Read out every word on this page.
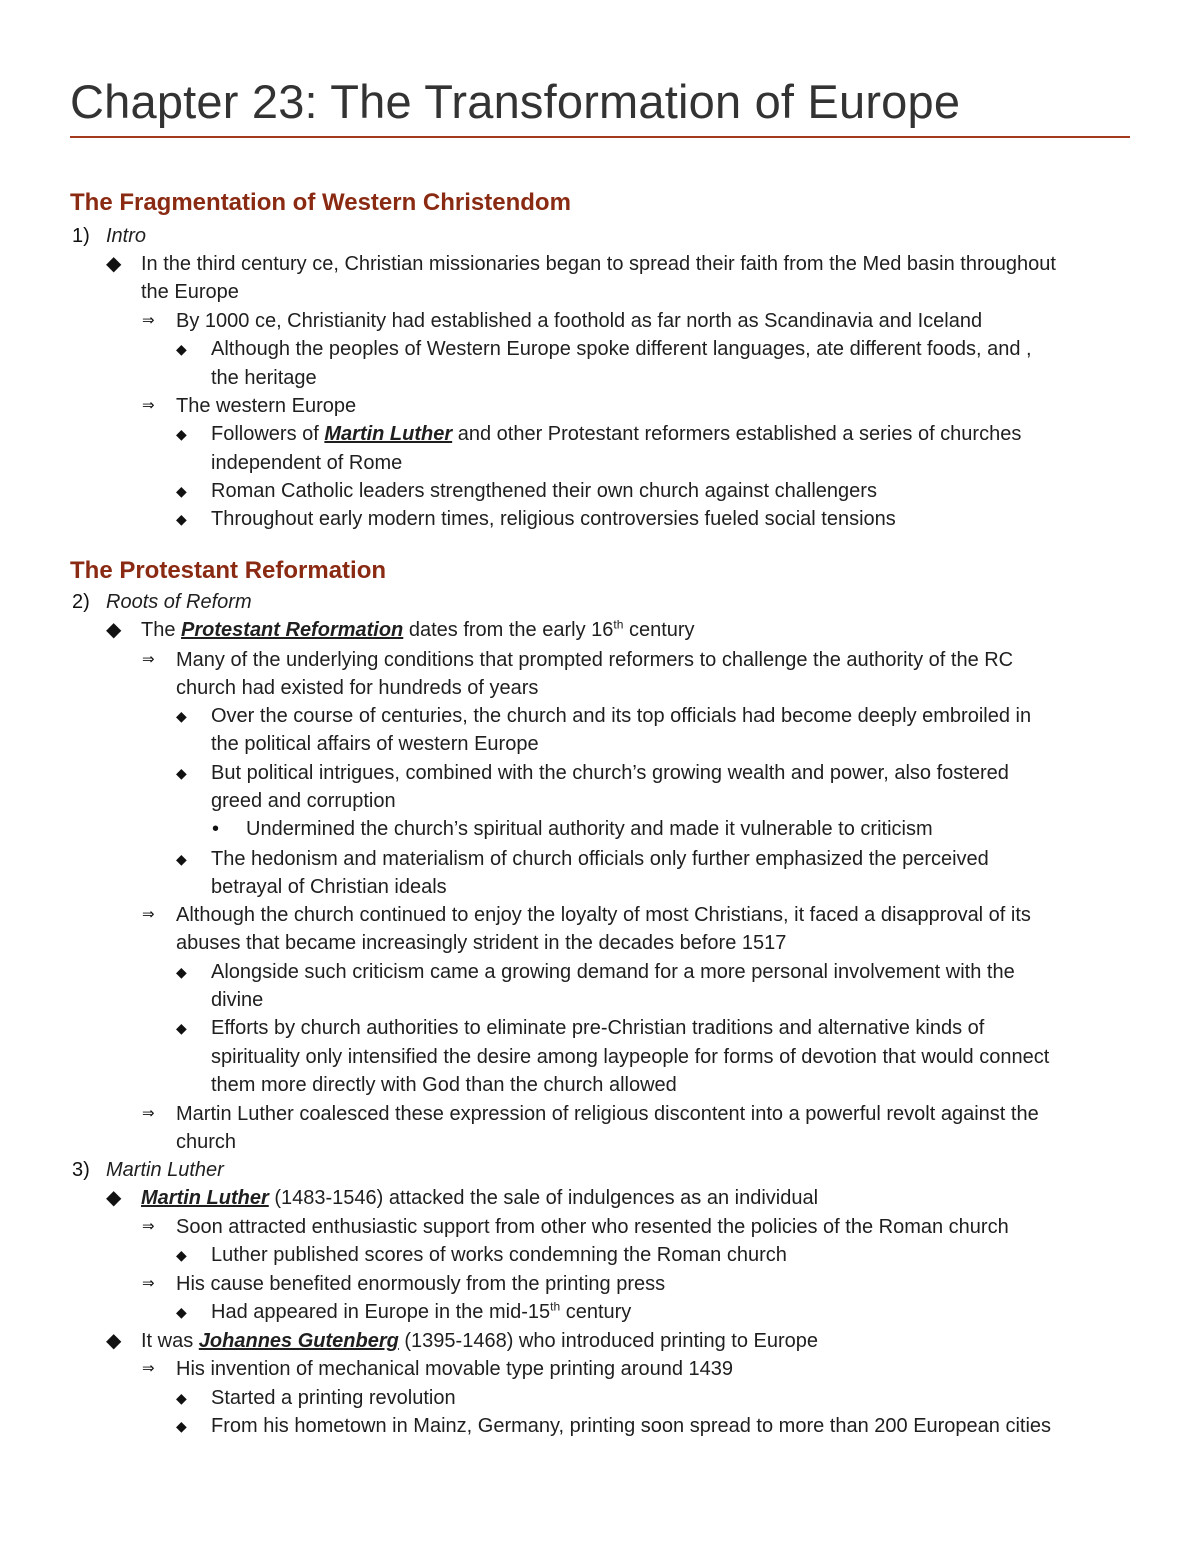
Chapter 23: The Transformation of Europe
The Fragmentation of Western Christendom
1) Intro
◆ In the third century ce, Christian missionaries began to spread their faith from the Med basin throughout
the Europe
⇒ By 1000 ce, Christianity had established a foothold as far north as Scandinavia and Iceland
◆ Although the peoples of Western Europe spoke different languages, ate different foods, and ,
the heritage
⇒ The western Europe
◆ Followers of Martin Luther and other Protestant reformers established a series of churches
independent of Rome
◆ Roman Catholic leaders strengthened their own church against challengers
◆ Throughout early modern times, religious controversies fueled social tensions
The Protestant Reformation
2) Roots of Reform
◆ The Protestant Reformation dates from the early 16th century
⇒ Many of the underlying conditions that prompted reformers to challenge the authority of the RC
church had existed for hundreds of years
◆ Over the course of centuries, the church and its top officials had become deeply embroiled in
the political affairs of western Europe
◆ But political intrigues, combined with the church’s growing wealth and power, also fostered
greed and corruption
• Undermined the church’s spiritual authority and made it vulnerable to criticism
◆ The hedonism and materialism of church officials only further emphasized the perceived
betrayal of Christian ideals
⇒ Although the church continued to enjoy the loyalty of most Christians, it faced a disapproval of its
abuses that became increasingly strident in the decades before 1517
◆ Alongside such criticism came a growing demand for a more personal involvement with the
divine
◆ Efforts by church authorities to eliminate pre-Christian traditions and alternative kinds of
spirituality only intensified the desire among laypeople for forms of devotion that would connect
them more directly with God than the church allowed
⇒ Martin Luther coalesced these expression of religious discontent into a powerful revolt against the
church
3) Martin Luther
◆ Martin Luther (1483-1546) attacked the sale of indulgences as an individual
⇒ Soon attracted enthusiastic support from other who resented the policies of the Roman church
◆ Luther published scores of works condemning the Roman church
⇒ His cause benefited enormously from the printing press
◆ Had appeared in Europe in the mid-15th century
◆ It was Johannes Gutenberg (1395-1468) who introduced printing to Europe
⇒ His invention of mechanical movable type printing around 1439
◆ Started a printing revolution
◆ From his hometown in Mainz, Germany, printing soon spread to more than 200 European cities
